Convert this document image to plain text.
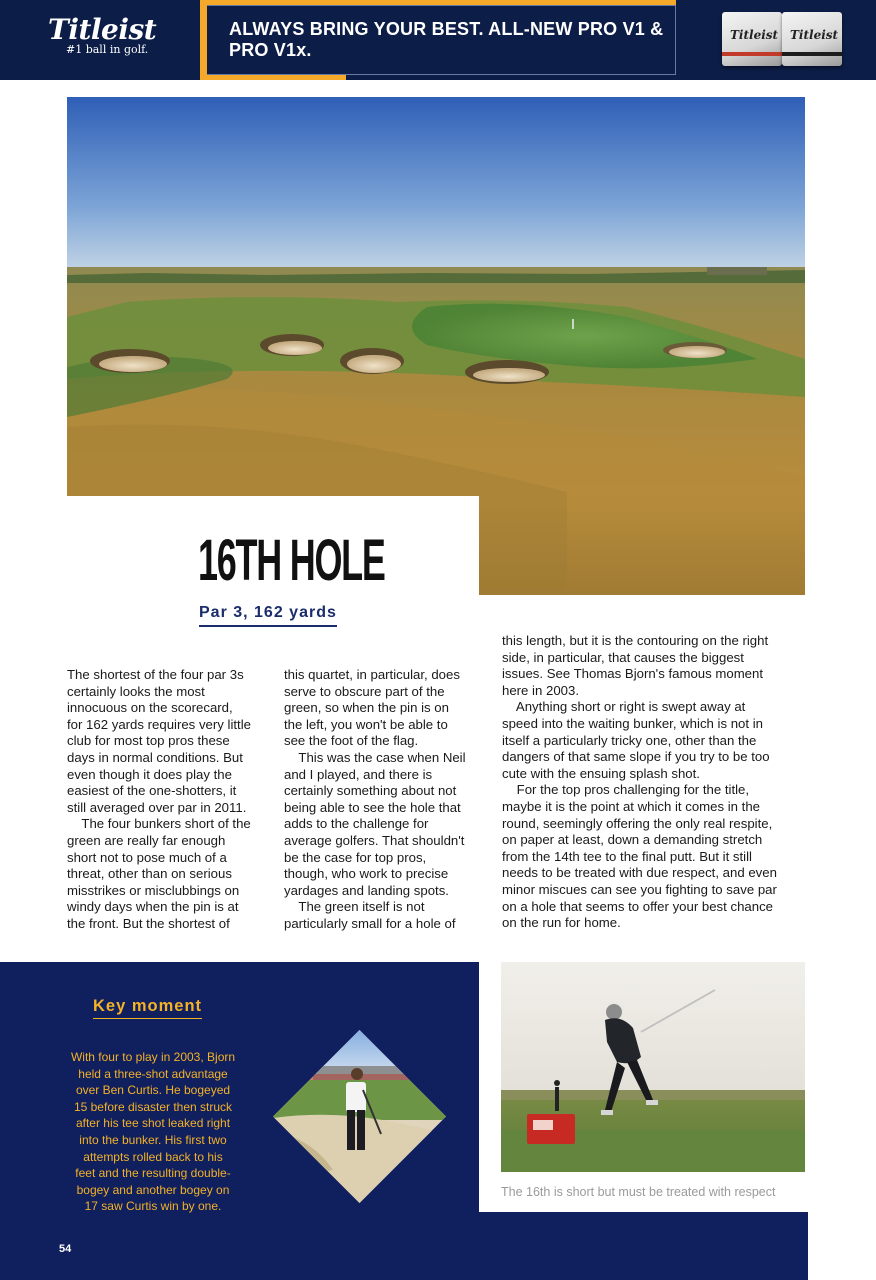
Titleist
#1 ball in golf.
ALWAYS BRING YOUR BEST. ALL-NEW PRO V1 & PRO V1x.
Titleist Titleist
16TH HOLE
Par 3, 162 yards

The shortest of the four par 3s

certainly looks the most

innocuous on the scorecard,

for 162 yards requires very little

club for most top pros these

days in normal conditions. But

even though it does play the

easiest of the one-shotters, it

still averaged over par in 2011.

The four bunkers short of the

green are really far enough

short not to pose much of a

threat, other than on serious

misstrikes or misclubbings on

windy days when the pin is at

the front. But the shortest of

this quartet, in particular, does

serve to obscure part of the

green, so when the pin is on

the left, you won't be able to

see the foot of the flag.

This was the case when Neil

and I played, and there is

certainly something about not

being able to see the hole that

adds to the challenge for

average golfers. That shouldn't

be the case for top pros,

though, who work to precise

yardages and landing spots.

The green itself is not

particularly small for a hole of

this length, but it is the contouring on the right

side, in particular, that causes the biggest

issues. See Thomas Bjorn's famous moment

here in 2003.

Anything short or right is swept away at

speed into the waiting bunker, which is not in

itself a particularly tricky one, other than the

dangers of that same slope if you try to be too

cute with the ensuing splash shot.

For the top pros challenging for the title,

maybe it is the point at which it comes in the

round, seemingly offering the only real respite,

on paper at least, down a demanding stretch

from the 14th tee to the final putt. But it still

needs to be treated with due respect, and even

minor miscues can see you fighting to save par

on a hole that seems to offer your best chance

on the run for home.

Key moment

With four to play in 2003, Bjorn

held a three-shot advantage

over Ben Curtis. He bogeyed

15 before disaster then struck

after his tee shot leaked right

into the bunker. His first two

attempts rolled back to his

feet and the resulting double-

bogey and another bogey on

17 saw Curtis win by one.

The 16th is short but must be treated with respect
54
